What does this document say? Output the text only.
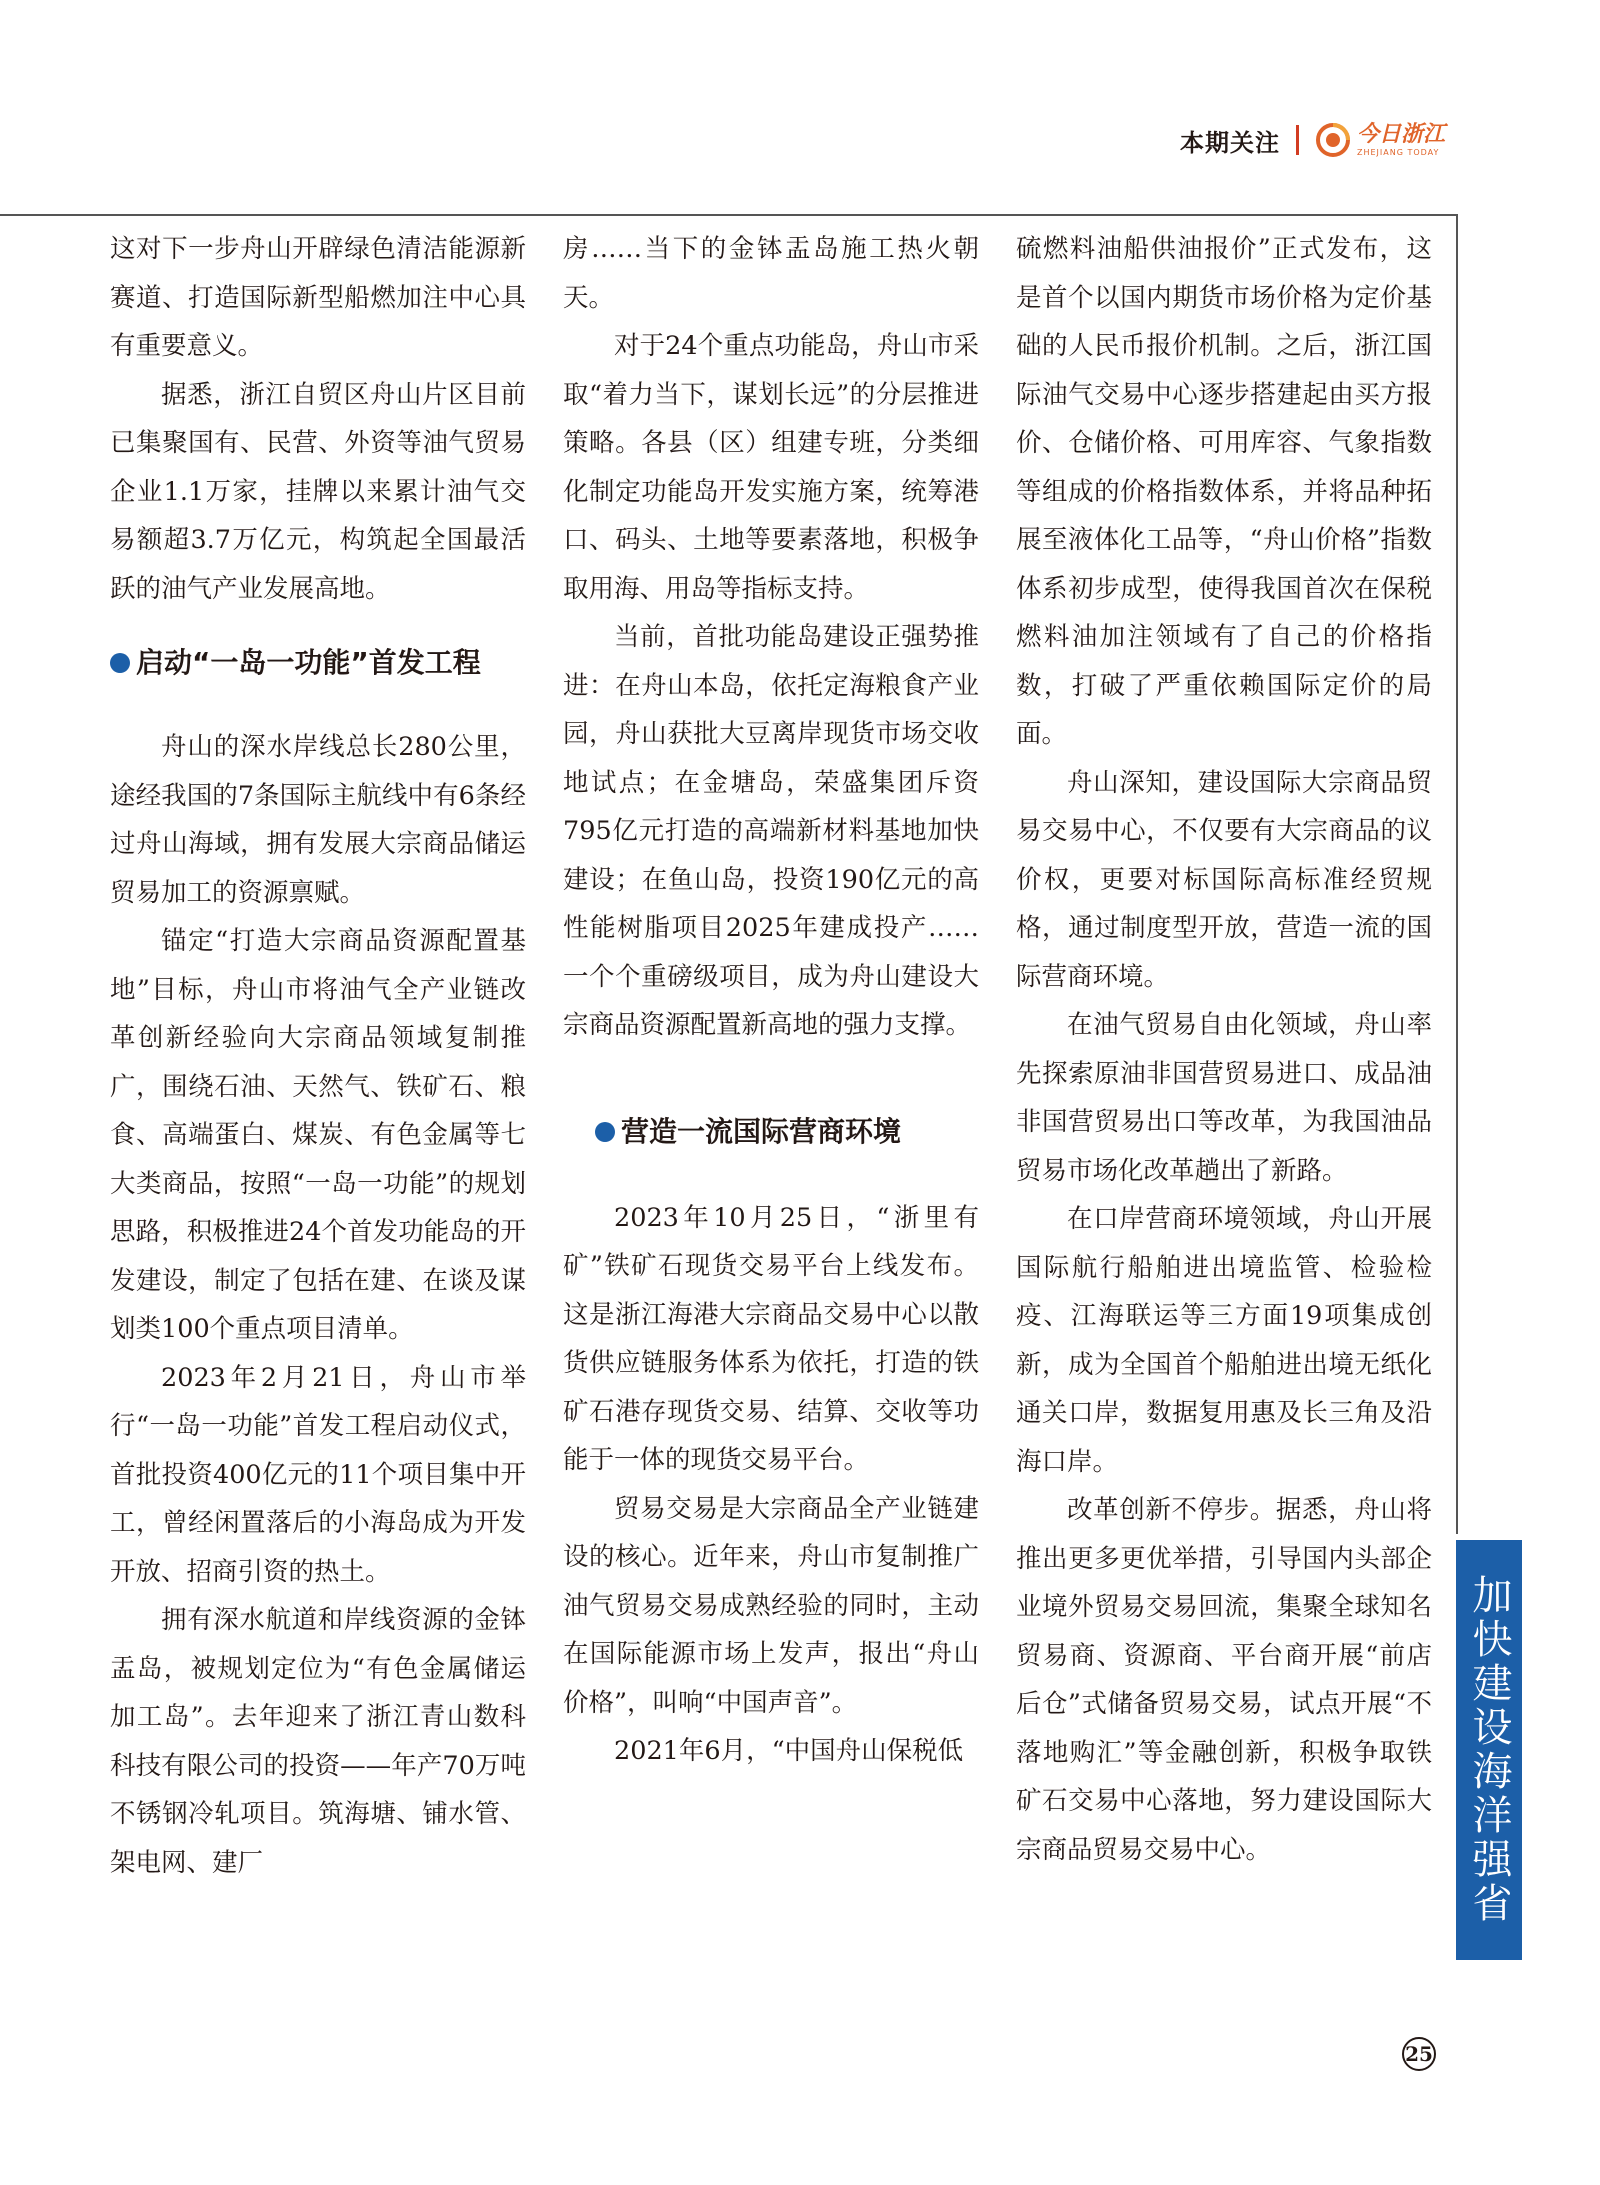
本期关注	今日浙江
ZHEJIANG TODAY

这对下一步舟山开辟绿色清洁能源新赛道、打造国际新型船燃加注中心具有重要意义。

据悉，浙江自贸区舟山片区目前已集聚国有、民营、外资等油气贸易企业1.1万家，挂牌以来累计油气交易额超3.7万亿元，构筑起全国最活跃的油气产业发展高地。

启动“一岛一功能”首发工程

舟山的深水岸线总长280公里，途经我国的7条国际主航线中有6条经过舟山海域，拥有发展大宗商品储运贸易加工的资源禀赋。

锚定“打造大宗商品资源配置基地”目标，舟山市将油气全产业链改革创新经验向大宗商品领域复制推广，围绕石油、天然气、铁矿石、粮食、高端蛋白、煤炭、有色金属等七大类商品，按照“一岛一功能”的规划思路，积极推进24个首发功能岛的开发建设，制定了包括在建、在谈及谋划类100个重点项目清单。

2023年2月21日，舟山市举行“一岛一功能”首发工程启动仪式，首批投资400亿元的11个项目集中开工，曾经闲置落后的小海岛成为开发开放、招商引资的热土。

拥有深水航道和岸线资源的金钵盂岛，被规划定位为“有色金属储运加工岛”。去年迎来了浙江青山数科科技有限公司的投资——年产70万吨不锈钢冷轧项目。筑海塘、铺水管、架电网、建厂

房……当下的金钵盂岛施工热火朝天。

对于24个重点功能岛，舟山市采取“着力当下，谋划长远”的分层推进策略。各县（区）组建专班，分类细化制定功能岛开发实施方案，统筹港口、码头、土地等要素落地，积极争取用海、用岛等指标支持。

当前，首批功能岛建设正强势推进：在舟山本岛，依托定海粮食产业园，舟山获批大豆离岸现货市场交收地试点；在金塘岛，荣盛集团斥资795亿元打造的高端新材料基地加快建设；在鱼山岛，投资190亿元的高性能树脂项目2025年建成投产……一个个重磅级项目，成为舟山建设大宗商品资源配置新高地的强力支撑。

营造一流国际营商环境

2023年10月25日，“浙里有矿”铁矿石现货交易平台上线发布。这是浙江海港大宗商品交易中心以散货供应链服务体系为依托，打造的铁矿石港存现货交易、结算、交收等功能于一体的现货交易平台。

贸易交易是大宗商品全产业链建设的核心。近年来，舟山市复制推广油气贸易交易成熟经验的同时，主动在国际能源市场上发声，报出“舟山价格”，叫响“中国声音”。

2021年6月，“中国舟山保税低

硫燃料油船供油报价”正式发布，这是首个以国内期货市场价格为定价基础的人民币报价机制。之后，浙江国际油气交易中心逐步搭建起由买方报价、仓储价格、可用库容、气象指数等组成的价格指数体系，并将品种拓展至液体化工品等，“舟山价格”指数体系初步成型，使得我国首次在保税燃料油加注领域有了自己的价格指数，打破了严重依赖国际定价的局面。

舟山深知，建设国际大宗商品贸易交易中心，不仅要有大宗商品的议价权，更要对标国际高标准经贸规格，通过制度型开放，营造一流的国际营商环境。

在油气贸易自由化领域，舟山率先探索原油非国营贸易进口、成品油非国营贸易出口等改革，为我国油品贸易市场化改革趟出了新路。

在口岸营商环境领域，舟山开展国际航行船舶进出境监管、检验检疫、江海联运等三方面19项集成创新，成为全国首个船舶进出境无纸化通关口岸，数据复用惠及长三角及沿海口岸。

改革创新不停步。据悉，舟山将推出更多更优举措，引导国内头部企业境外贸易交易回流，集聚全球知名贸易商、资源商、平台商开展“前店后仓”式储备贸易交易，试点开展“不落地购汇”等金融创新，积极争取铁矿石交易中心落地，努力建设国际大宗商品贸易交易中心。	加快建设海洋强省
25
